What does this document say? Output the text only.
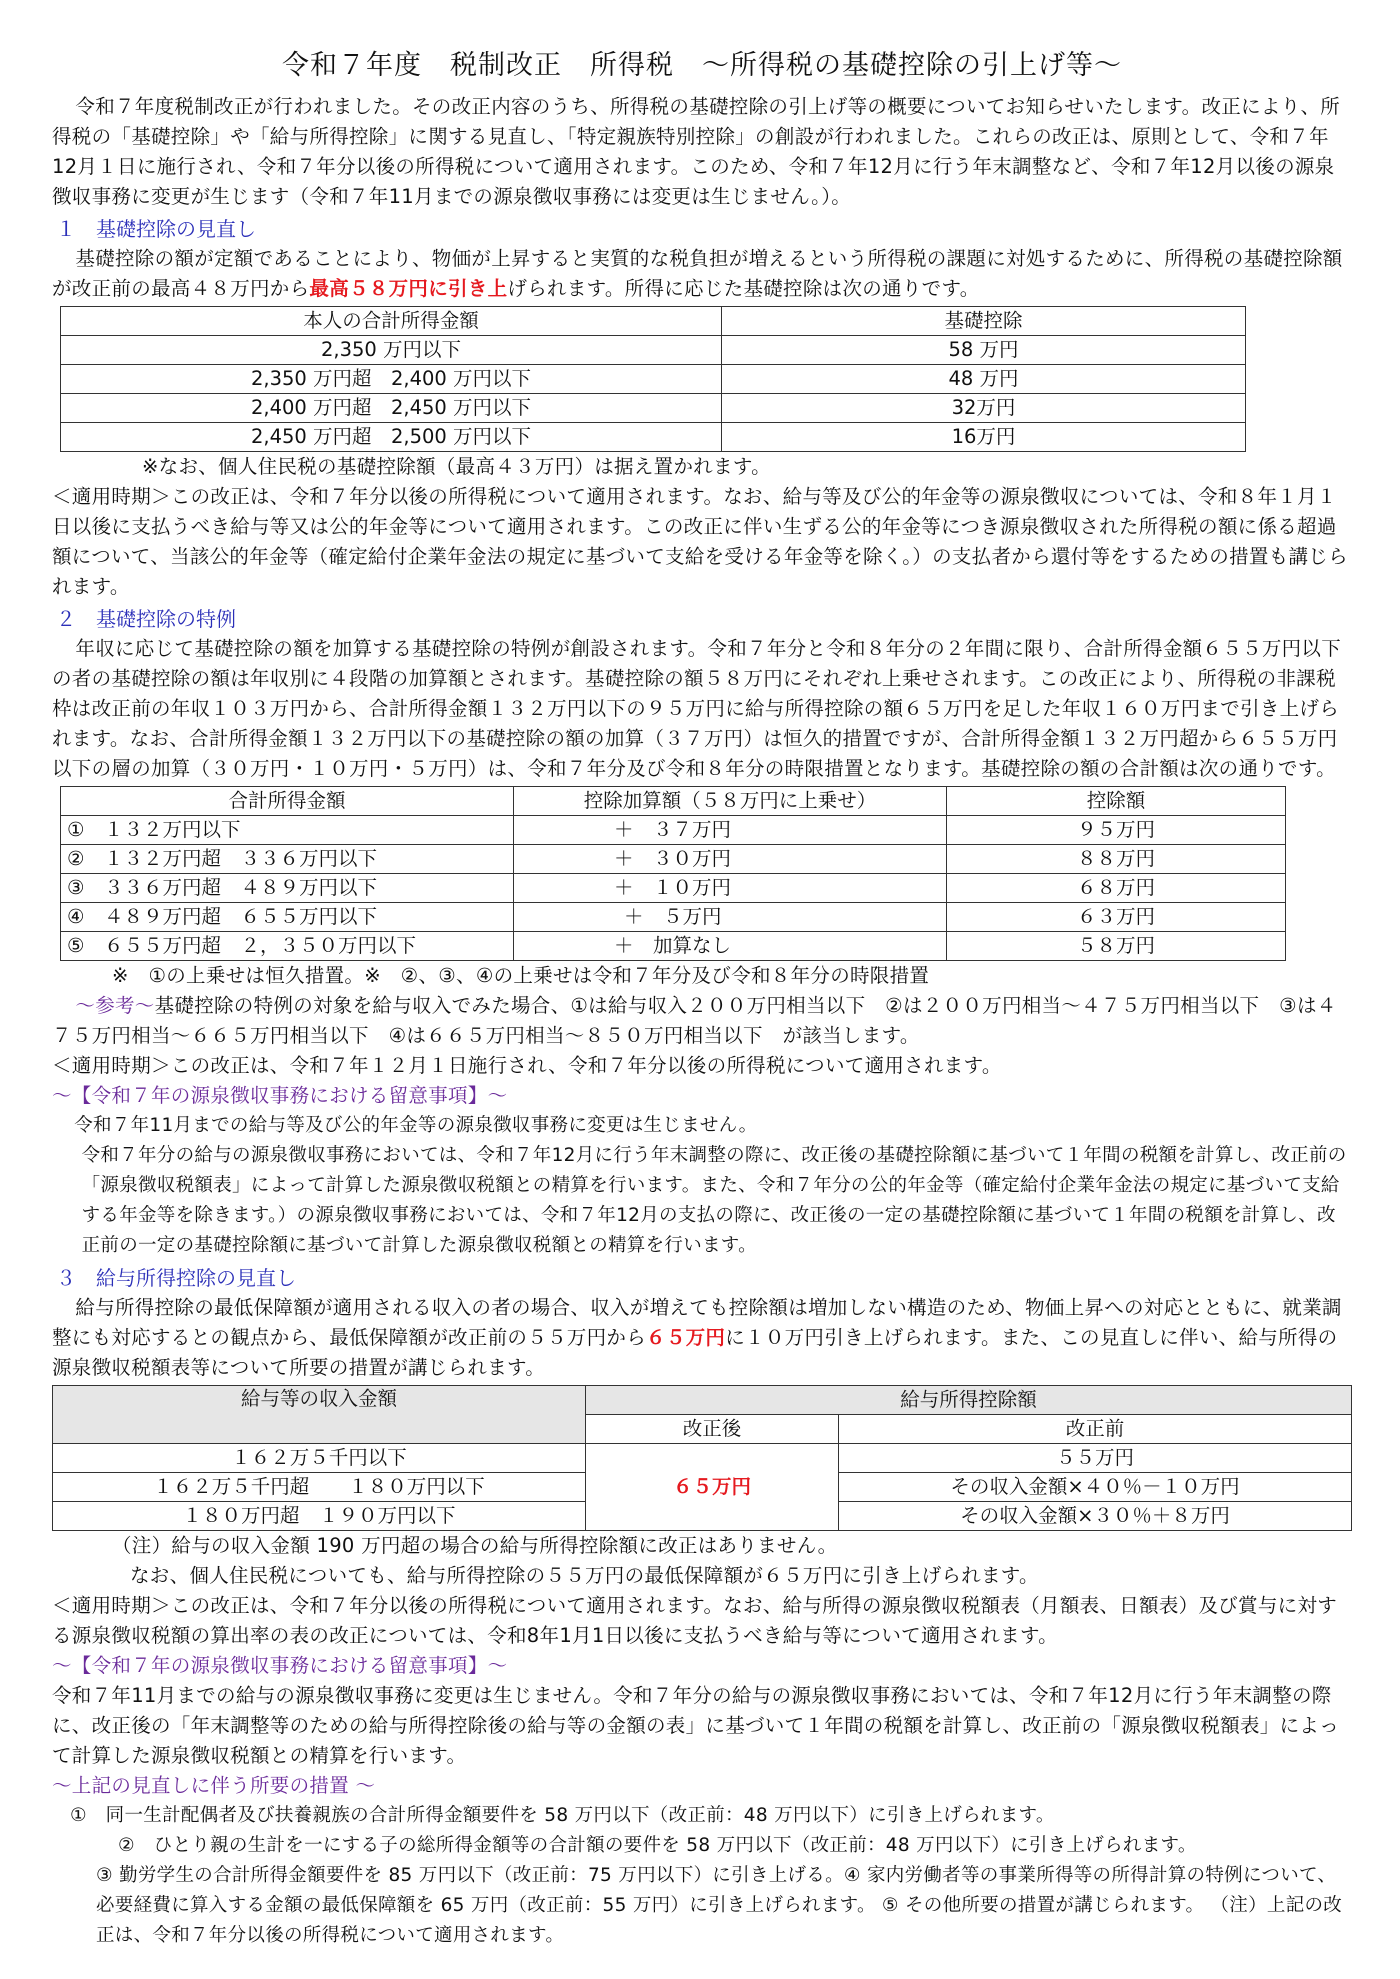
令和７年度　税制改正　所得税　～所得税の基礎控除の引上げ等～

令和７年度税制改正が行われました。その改正内容のうち、所得税の基礎控除の引上げ等の概要についてお知らせいたします。改正により、所得税の「基礎控除」や「給与所得控除」に関する見直し、「特定親族特別控除」の創設が行われました。これらの改正は、原則として、令和７年12月１日に施行され、令和７年分以後の所得税について適用されます。このため、令和７年12月に行う年末調整など、令和７年12月以後の源泉徴収事務に変更が生じます（令和７年11月までの源泉徴収事務には変更は生じません。）。

１　基礎控除の見直し

基礎控除の額が定額であることにより、物価が上昇すると実質的な税負担が増えるという所得税の課題に対処するために、所得税の基礎控除額が改正前の最高４８万円から最高５８万円に引き上げられます。所得に応じた基礎控除は次の通りです。

本人の合計所得金額	基礎控除
2,350 万円以下	58 万円
2,350 万円超　2,400 万円以下	48 万円
2,400 万円超　2,450 万円以下	32万円
2,450 万円超　2,500 万円以下	16万円

※なお、個人住民税の基礎控除額（最高４３万円）は据え置かれます。

＜適用時期＞この改正は、令和７年分以後の所得税について適用されます。なお、給与等及び公的年金等の源泉徴収については、令和８年１月１日以後に支払うべき給与等又は公的年金等について適用されます。この改正に伴い生ずる公的年金等につき源泉徴収された所得税の額に係る超過額について、当該公的年金等（確定給付企業年金法の規定に基づいて支給を受ける年金等を除く。）の支払者から還付等をするための措置も講じられます。

２　基礎控除の特例

年収に応じて基礎控除の額を加算する基礎控除の特例が創設されます。令和７年分と令和８年分の２年間に限り、合計所得金額６５５万円以下の者の基礎控除の額は年収別に４段階の加算額とされます。基礎控除の額５８万円にそれぞれ上乗せされます。この改正により、所得税の非課税枠は改正前の年収１０３万円から、合計所得金額１３２万円以下の９５万円に給与所得控除の額６５万円を足した年収１６０万円まで引き上げられます。なお、合計所得金額１３２万円以下の基礎控除の額の加算（３７万円）は恒久的措置ですが、合計所得金額１３２万円超から６５５万円以下の層の加算（３０万円・１０万円・５万円）は、令和７年分及び令和８年分の時限措置となります。基礎控除の額の合計額は次の通りです。

合計所得金額	控除加算額（５８万円に上乗せ）	控除額
①　１３２万円以下	＋　３７万円	９５万円
②　１３２万円超　３３６万円以下	＋　３０万円	８８万円
③　３３６万円超　４８９万円以下	＋　１０万円	６８万円
④　４８９万円超　６５５万円以下	＋　５万円	６３万円
⑤　６５５万円超　２，３５０万円以下	＋　加算なし	５８万円

※　①の上乗せは恒久措置。※　②、③、④の上乗せは令和７年分及び令和８年分の時限措置

～参考～基礎控除の特例の対象を給与収入でみた場合、①は給与収入２００万円相当以下　②は２００万円相当～４７５万円相当以下　③は４７５万円相当～６６５万円相当以下　④は６６５万円相当～８５０万円相当以下　が該当します。

＜適用時期＞この改正は、令和７年１２月１日施行され、令和７年分以後の所得税について適用されます。

～【令和７年の源泉徴収事務における留意事項】～

令和７年11月までの給与等及び公的年金等の源泉徴収事務に変更は生じません。

令和７年分の給与の源泉徴収事務においては、令和７年12月に行う年末調整の際に、改正後の基礎控除額に基づいて１年間の税額を計算し、改正前の「源泉徴収税額表」によって計算した源泉徴収税額との精算を行います。また、令和７年分の公的年金等（確定給付企業年金法の規定に基づいて支給する年金等を除きます。）の源泉徴収事務においては、令和７年12月の支払の際に、改正後の一定の基礎控除額に基づいて１年間の税額を計算し、改正前の一定の基礎控除額に基づいて計算した源泉徴収税額との精算を行います。

３　給与所得控除の見直し

給与所得控除の最低保障額が適用される収入の者の場合、収入が増えても控除額は増加しない構造のため、物価上昇への対応とともに、就業調整にも対応するとの観点から、最低保障額が改正前の５５万円から６５万円に１０万円引き上げられます。また、この見直しに伴い、給与所得の源泉徴収税額表等について所要の措置が講じられます。

給与等の収入金額	給与所得控除額	
	改正後	改正前
１６２万５千円以下	６５万円	５５万円
１６２万５千円超　　１８０万円以下		その収入金額×４０％－１０万円
１８０万円超　１９０万円以下		その収入金額×３０％＋８万円

（注）給与の収入金額 190 万円超の場合の給与所得控除額に改正はありません。

なお、個人住民税についても、給与所得控除の５５万円の最低保障額が６５万円に引き上げられます。

＜適用時期＞この改正は、令和７年分以後の所得税について適用されます。なお、給与所得の源泉徴収税額表（月額表、日額表）及び賞与に対する源泉徴収税額の算出率の表の改正については、令和8年1月1日以後に支払うべき給与等について適用されます。

～【令和７年の源泉徴収事務における留意事項】～

令和７年11月までの給与の源泉徴収事務に変更は生じません。令和７年分の給与の源泉徴収事務においては、令和７年12月に行う年末調整の際に、改正後の「年末調整等のための給与所得控除後の給与等の金額の表」に基づいて１年間の税額を計算し、改正前の「源泉徴収税額表」によって計算した源泉徴収税額との精算を行います。

～上記の見直しに伴う所要の措置 ～

①　同一生計配偶者及び扶養親族の合計所得金額要件を 58 万円以下（改正前：48 万円以下）に引き上げられます。

②　ひとり親の生計を一にする子の総所得金額等の合計額の要件を 58 万円以下（改正前：48 万円以下）に引き上げられます。

③ 勤労学生の合計所得金額要件を 85 万円以下（改正前：75 万円以下）に引き上げる。④ 家内労働者等の事業所得等の所得計算の特例について、必要経費に算入する金額の最低保障額を 65 万円（改正前：55 万円）に引き上げられます。 ⑤ その他所要の措置が講じられます。 （注）上記の改正は、令和７年分以後の所得税について適用されます。
